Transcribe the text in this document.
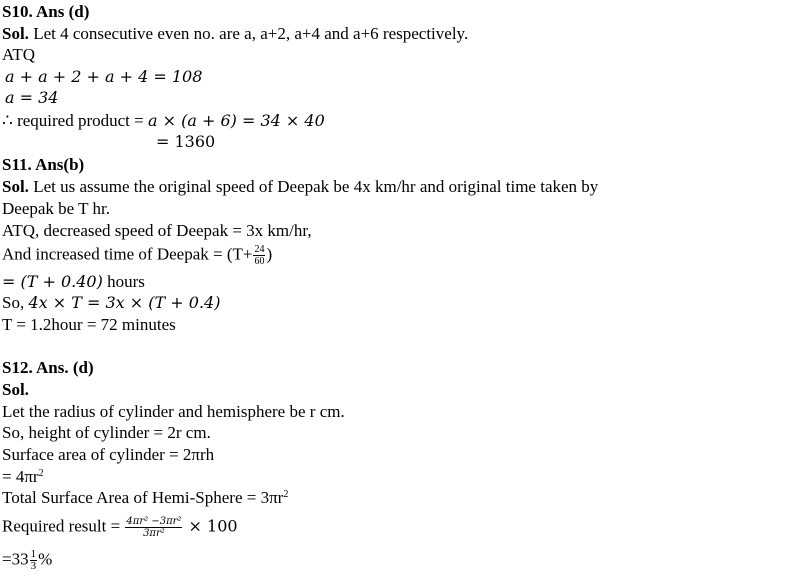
S10. Ans (d)
Sol. Let 4 consecutive even no. are a, a+2, a+4 and a+6 respectively.
ATQ
a + a + 2 + a + 4 = 108
a = 34
∴ required product = a × (a + 6) = 34 × 40
= 1360
S11. Ans(b)
Sol. Let us assume the original speed of Deepak be 4x km/hr and original time taken by
Deepak be T hr.
ATQ, decreased speed of Deepak = 3x km/hr,
And increased time of Deepak = ($T+ \frac{24}{60}$ )
= (T + 0.40) hours
So, 4x × T = 3x × (T + 0.4)
T = 1.2hour = 72 minutes
S12. Ans. (d)
Sol.
Let the radius of cylinder and hemisphere be r cm.
So, height of cylinder = 2r cm.
Surface area of cylinder = 2πrh
= $4\pi r^2$
Total Surface Area of Hemi-Sphere = $3\pi r^2$
Required result = $\frac{\text{4πr² −3πr²}}{\text{3πr²}} \times 100$
$=33 \frac{1}{3}$ %
